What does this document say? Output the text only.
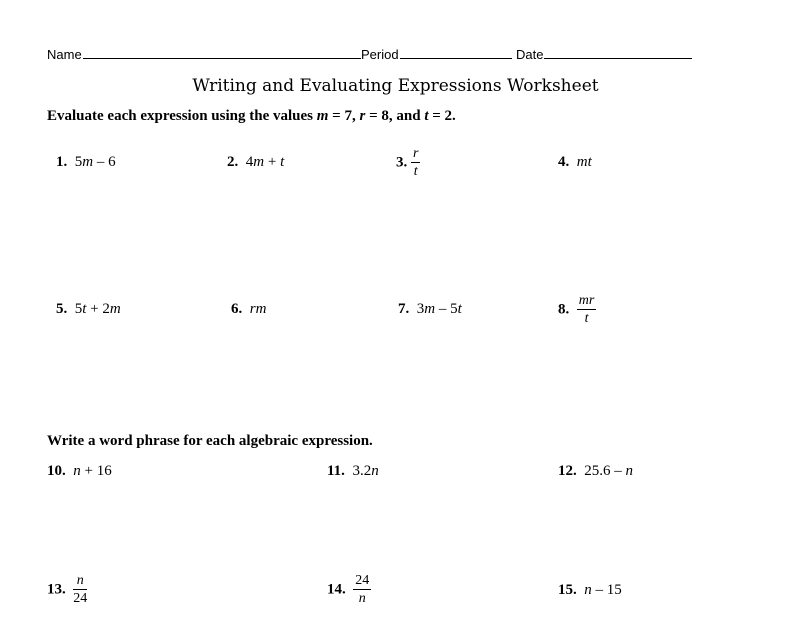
Name	Period	Date
Writing and Evaluating Expressions Worksheet
Evaluate each expression using the values m = 7, r = 8, and t = 2.
1. 5m – 6	2. 4m + t	3. $\frac{r}{t}$	4. mt
5. 5t + 2m	6. rm	7. 3m – 5t	8. $\frac{mr}{t}$
Write a word phrase for each algebraic expression.
10. n + 16	11. 3.2n	12. 25.6 – n
13. $\frac{n}{24}$	14. $\frac{24}{n}$	15. n – 15
